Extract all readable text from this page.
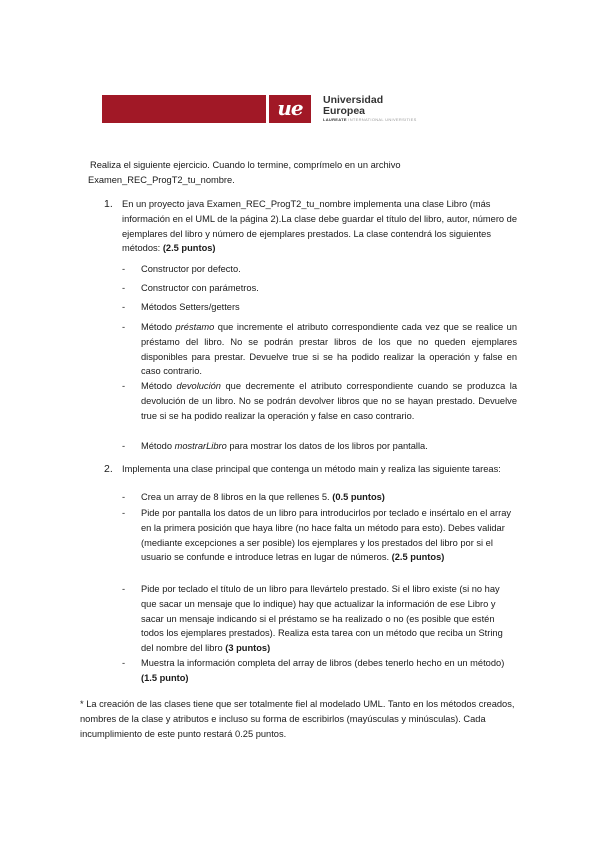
ue	Universidad
Europea
LAUREATE INTERNATIONAL UNIVERSITIES
Realiza el siguiente ejercicio. Cuando lo termine, comprímelo en un archivo
Examen_REC_ProgT2_tu_nombre.
1. En un proyecto java Examen_REC_ProgT2_tu_nombre implementa una clase Libro (más información en el UML de la página 2).La clase debe guardar el título del libro, autor, número de ejemplares del libro y número de ejemplares prestados. La clase contendrá los siguientes métodos: (2.5 puntos)
- Constructor por defecto.
- Constructor con parámetros.
- Métodos Setters/getters
- Método préstamo que incremente el atributo correspondiente cada vez que se realice un préstamo del libro. No se podrán prestar libros de los que no queden ejemplares disponibles para prestar. Devuelve true si se ha podido realizar la operación y false en caso contrario.
- Método devolución que decremente el atributo correspondiente cuando se produzca la devolución de un libro. No se podrán devolver libros que no se hayan prestado. Devuelve true si se ha podido realizar la operación y false en caso contrario.
- Método mostrarLibro para mostrar los datos de los libros por pantalla.
2. Implementa una clase principal que contenga un método main y realiza las siguiente tareas:
- Crea un array de 8 libros en la que rellenes 5. (0.5 puntos)
- Pide por pantalla los datos de un libro para introducirlos por teclado e insértalo en el array en la primera posición que haya libre (no hace falta un método para esto). Debes validar (mediante excepciones a ser posible) los ejemplares y los prestados del libro por si el usuario se confunde e introduce letras en lugar de números. (2.5 puntos)
- Pide por teclado el título de un libro para llevártelo prestado. Si el libro existe (si no hay que sacar un mensaje que lo indique) hay que actualizar la información de ese Libro y sacar un mensaje indicando si el préstamo se ha realizado o no (es posible que estén todos los ejemplares prestados). Realiza esta tarea con un método que reciba un String del nombre del libro (3 puntos)
- Muestra la información completa del array de libros (debes tenerlo hecho en un método) (1.5 punto)
* La creación de las clases tiene que ser totalmente fiel al modelado UML. Tanto en los métodos creados, nombres de la clase y atributos e incluso su forma de escribirlos (mayúsculas y minúsculas). Cada incumplimiento de este punto restará 0.25 puntos.
